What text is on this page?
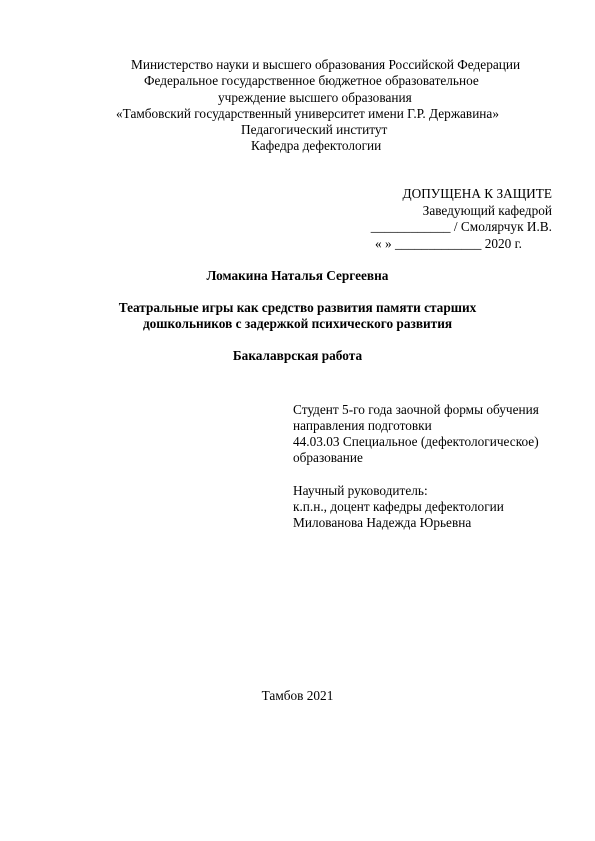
Министерство науки и высшего образования Российской Федерации
Федеральное государственное бюджетное образовательное
учреждение высшего образования
«Тамбовский государственный университет имени Г.Р. Державина»
Педагогический институт
Кафедра дефектологии
ДОПУЩЕНА К ЗАЩИТЕ
Заведующий кафедрой
____________ / Смолярчук И.В.
« » _____________ 2020 г.
Ломакина Наталья Сергеевна
Театральные игры как средство развития памяти старших
дошкольников с задержкой психического развития
Бакалаврская работа
Студент 5-го года заочной формы обучения
направления подготовки
44.03.03 Специальное (дефектологическое)
образование
Научный руководитель:
к.п.н., доцент кафедры дефектологии
Милованова Надежда Юрьевна
Тамбов 2021
